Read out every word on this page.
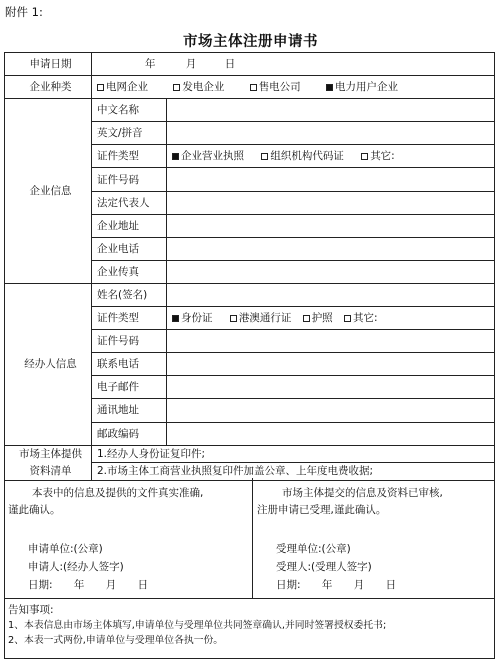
附件 1:
市场主体注册申请书
申请日期	年 月 日	
企业种类	电网企业 发电企业 售电公司 电力用户企业	
企业信息	中文名称	
	英文/拼音	
	证件类型	企业营业执照 组织机构代码证 其它:
	证件号码	
	法定代表人	
	企业地址	
	企业电话	
	企业传真	
经办人信息	姓名(签名)	
	证件类型	身份证 港澳通行证 护照 其它:
	证件号码	
	联系电话	
	电子邮件	
	通讯地址	
	邮政编码	
市场主体提供
资料清单	1.经办人身份证复印件;	
	2.市场主体工商营业执照复印件加盖公章、上年度电费收据;	
本表中的信息及提供的文件真实准确,
谨此确认。
申请单位:(公章)
申请人:(经办人签字)
日期: 年 月 日
市场主体提交的信息及资料已审核,
注册申请已受理,谨此确认。
受理单位:(公章)
受理人:(受理人签字)
日期: 年 月 日
告知事项:
1、本表信息由市场主体填写,申请单位与受理单位共同签章确认,并同时签署授权委托书;
2、本表一式两份,申请单位与受理单位各执一份。
